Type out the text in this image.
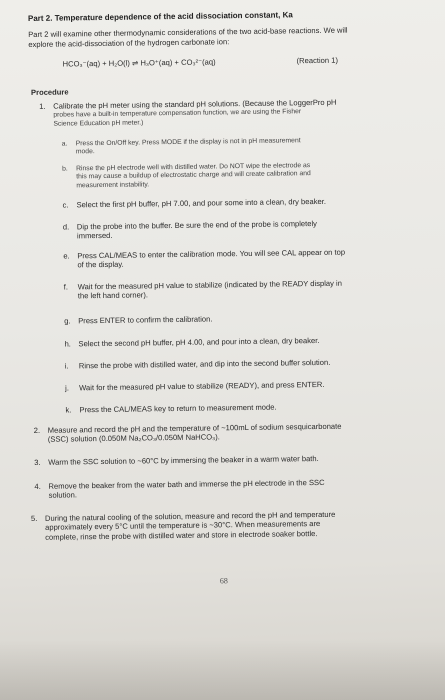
Part 2. Temperature dependence of the acid dissociation constant, Ka
Part 2 will examine other thermodynamic considerations of the two acid-base reactions. We will
explore the acid-dissociation of the hydrogen carbonate ion:
HCO₃⁻(aq) + H₂O(l) ⇌ H₃O⁺(aq) + CO₃²⁻(aq)	(Reaction 1)
Procedure
1. Calibrate the pH meter using the standard pH solutions. (Because the LoggerPro pH
probes have a built-in temperature compensation function, we are using the Fisher
Science Education pH meter.)
a. Press the On/Off key. Press MODE if the display is not in pH measurement
mode.
b. Rinse the pH electrode well with distilled water. Do NOT wipe the electrode as
this may cause a buildup of electrostatic charge and will create calibration and
measurement instability.
c. Select the first pH buffer, pH 7.00, and pour some into a clean, dry beaker.
d. Dip the probe into the buffer. Be sure the end of the probe is completely
immersed.
e. Press CAL/MEAS to enter the calibration mode. You will see CAL appear on top
of the display.
f. Wait for the measured pH value to stabilize (indicated by the READY display in
the left hand corner).
g. Press ENTER to confirm the calibration.
h. Select the second pH buffer, pH 4.00, and pour into a clean, dry beaker.
i. Rinse the probe with distilled water, and dip into the second buffer solution.
j. Wait for the measured pH value to stabilize (READY), and press ENTER.
k. Press the CAL/MEAS key to return to measurement mode.
2. Measure and record the pH and the temperature of ~100mL of sodium sesquicarbonate
(SSC) solution (0.050M Na₂CO₃/0.050M NaHCO₃).
3. Warm the SSC solution to ~60°C by immersing the beaker in a warm water bath.
4. Remove the beaker from the water bath and immerse the pH electrode in the SSC
solution.
5. During the natural cooling of the solution, measure and record the pH and temperature
approximately every 5°C until the temperature is ~30°C. When measurements are
complete, rinse the probe with distilled water and store in electrode soaker bottle.
68
